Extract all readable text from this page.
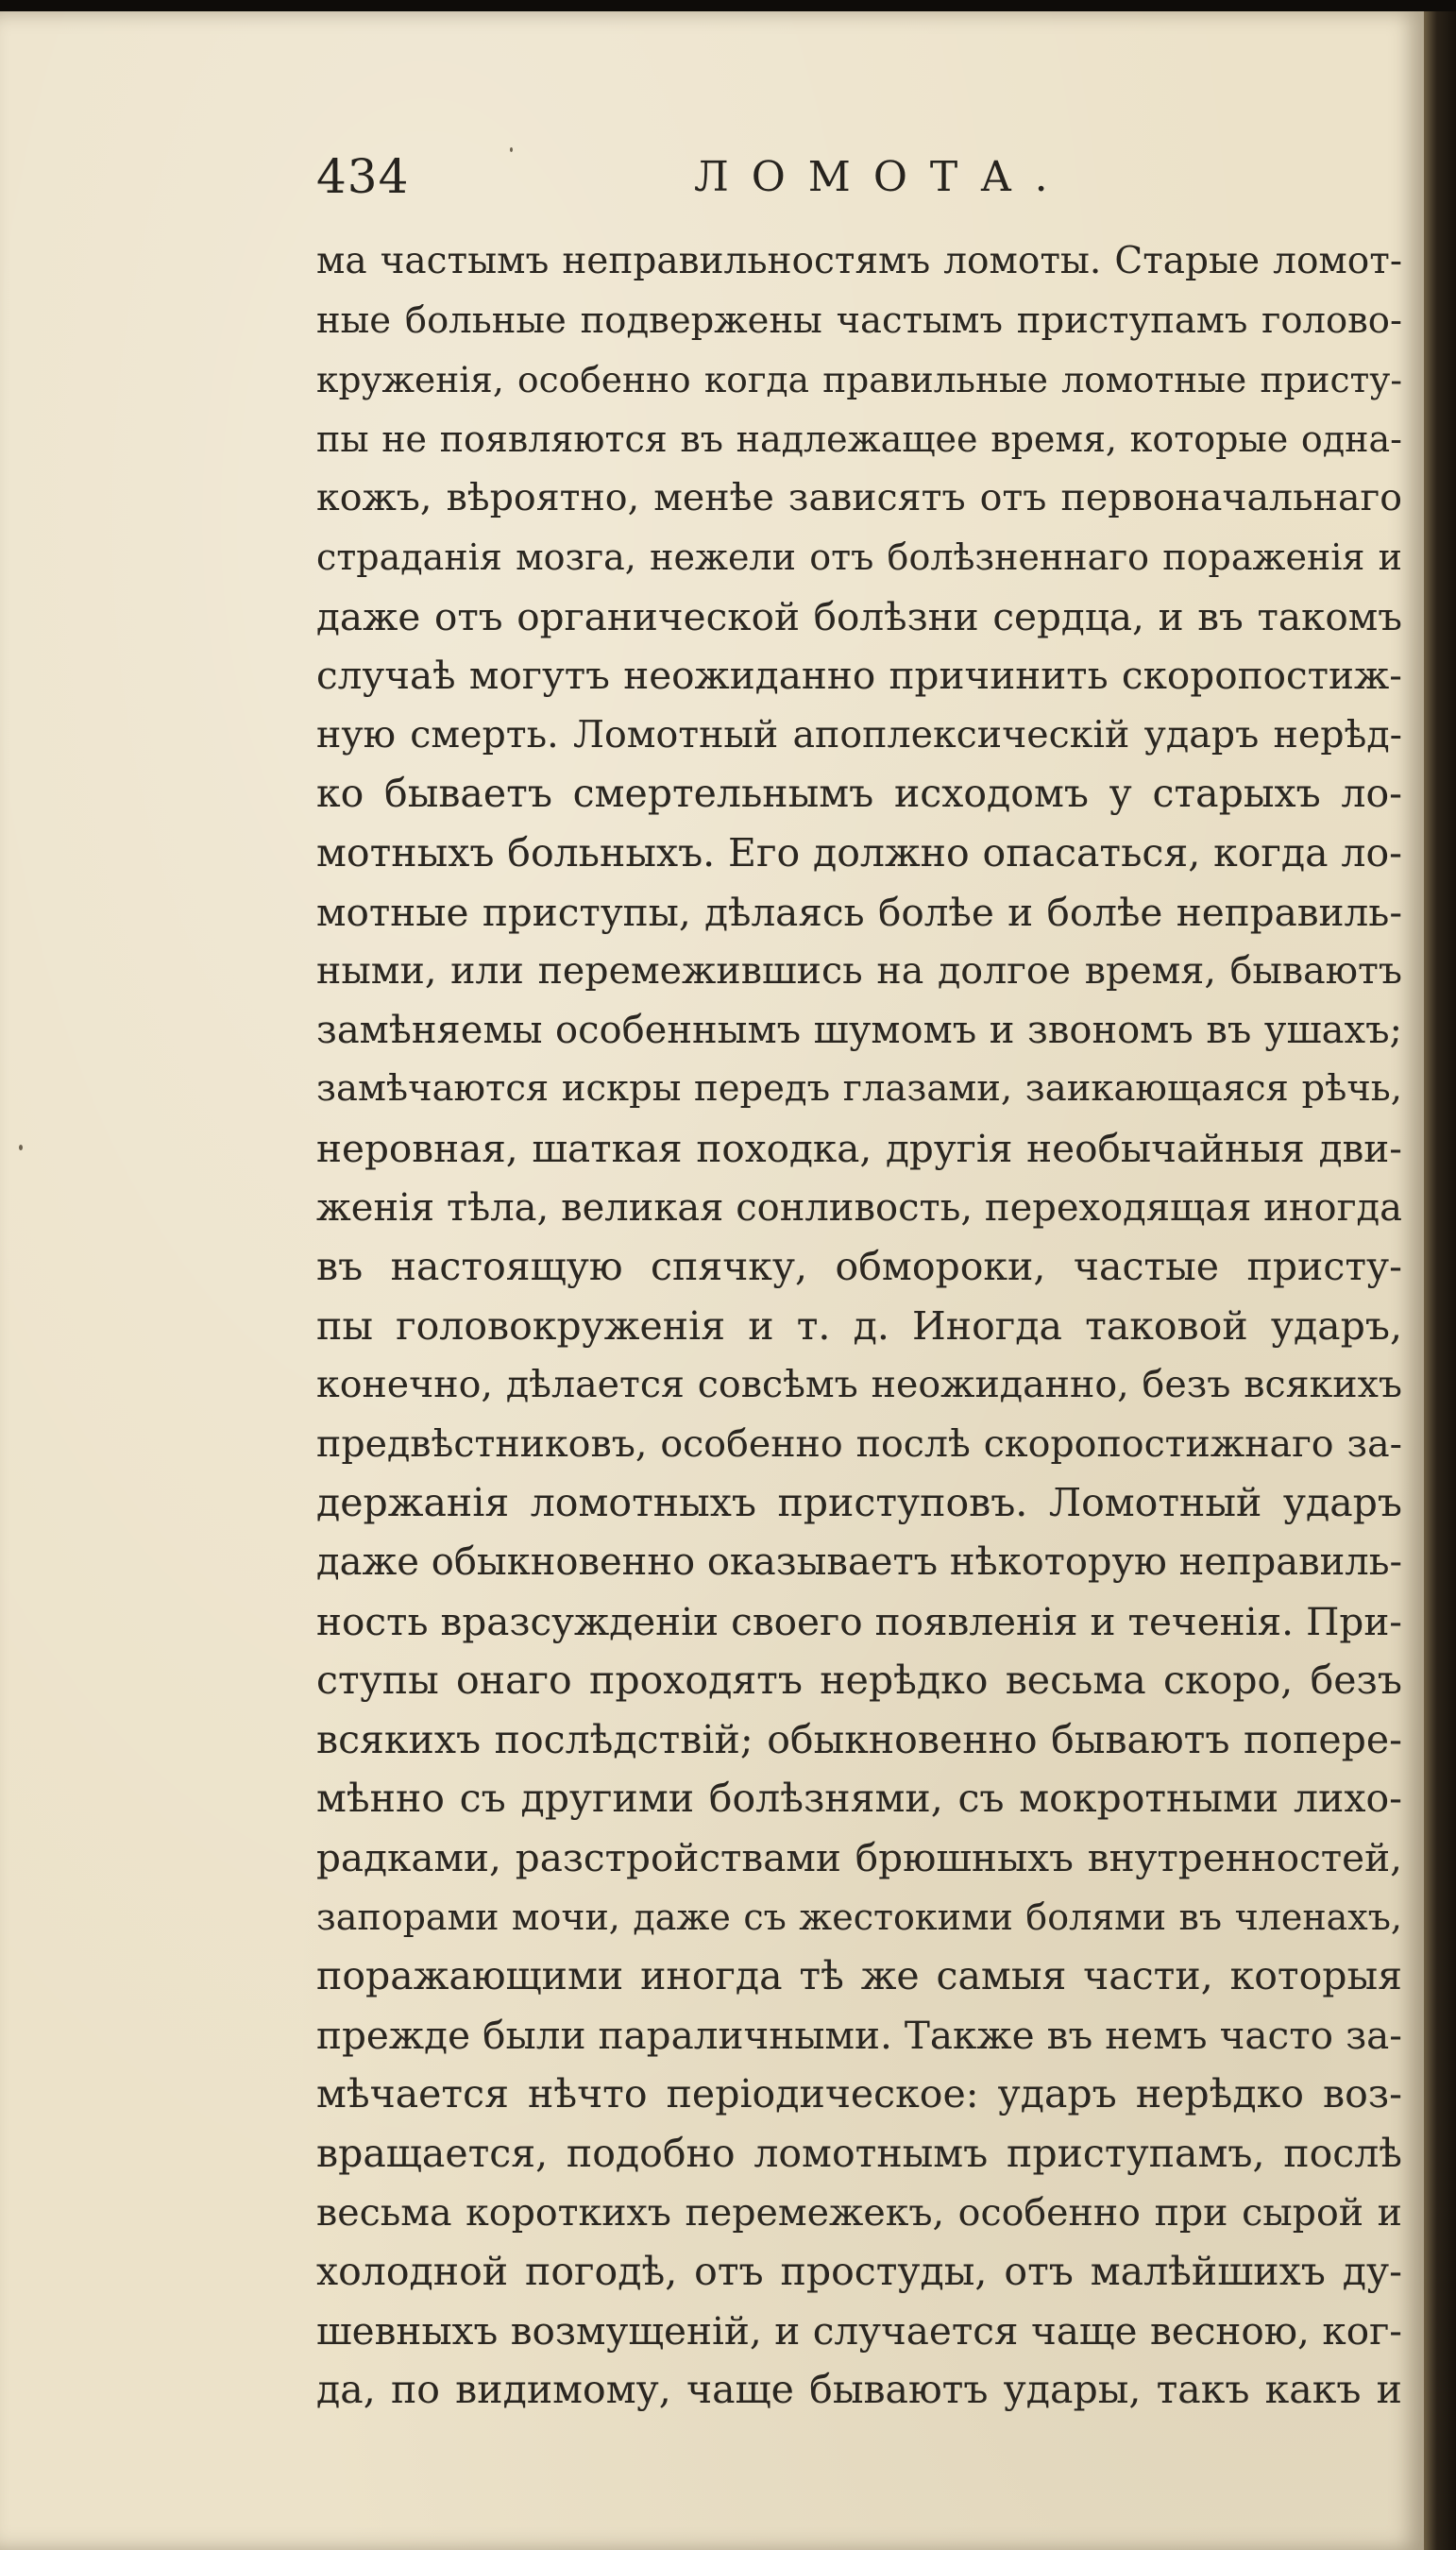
434	ЛОМОТА.
ма частымъ неправильностямъ ломоты. Старые ломот-
ные больные подвержены частымъ приступамъ голово-
круженія, особенно когда правильные ломотные присту-
пы не появляются въ надлежащее время, которые одна-
кожъ, вѣроятно, менѣе зависятъ отъ первоначальнаго
страданія мозга, нежели отъ болѣзненнаго пораженія и
даже отъ органической болѣзни сердца, и въ такомъ
случаѣ могутъ неожиданно причинить скоропостиж-
ную смерть. Ломотный апоплексическій ударъ нерѣд-
ко бываетъ смертельнымъ исходомъ у старыхъ ло-
мотныхъ больныхъ. Его должно опасаться, когда ло-
мотные приступы, дѣлаясь болѣе и болѣе неправиль-
ными, или перемежившись на долгое время, бываютъ
замѣняемы особеннымъ шумомъ и звономъ въ ушахъ;
замѣчаются искры передъ глазами, заикающаяся рѣчь,
неровная, шаткая походка, другія необычайныя дви-
женія тѣла, великая сонливость, переходящая иногда
въ настоящую спячку, обмороки, частые присту-
пы головокруженія и т. д. Иногда таковой ударъ,
конечно, дѣлается совсѣмъ неожиданно, безъ всякихъ
предвѣстниковъ, особенно послѣ скоропостижнаго за-
держанія ломотныхъ приступовъ. Ломотный ударъ
даже обыкновенно оказываетъ нѣкоторую неправиль-
ность вразсужденіи своего появленія и теченія. При-
ступы онаго проходятъ нерѣдко весьма скоро, безъ
всякихъ послѣдствій; обыкновенно бываютъ попере-
мѣнно съ другими болѣзнями, съ мокротными лихо-
радками, разстройствами брюшныхъ внутренностей,
запорами мочи, даже съ жестокими болями въ членахъ,
поражающими иногда тѣ же самыя части, которыя
прежде были параличными. Также въ немъ часто за-
мѣчается нѣчто періодическое: ударъ нерѣдко воз-
вращается, подобно ломотнымъ приступамъ, послѣ
весьма короткихъ перемежекъ, особенно при сырой и
холодной погодѣ, отъ простуды, отъ малѣйшихъ ду-
шевныхъ возмущеній, и случается чаще весною, ког-
да, по видимому, чаще бываютъ удары, такъ какъ и
